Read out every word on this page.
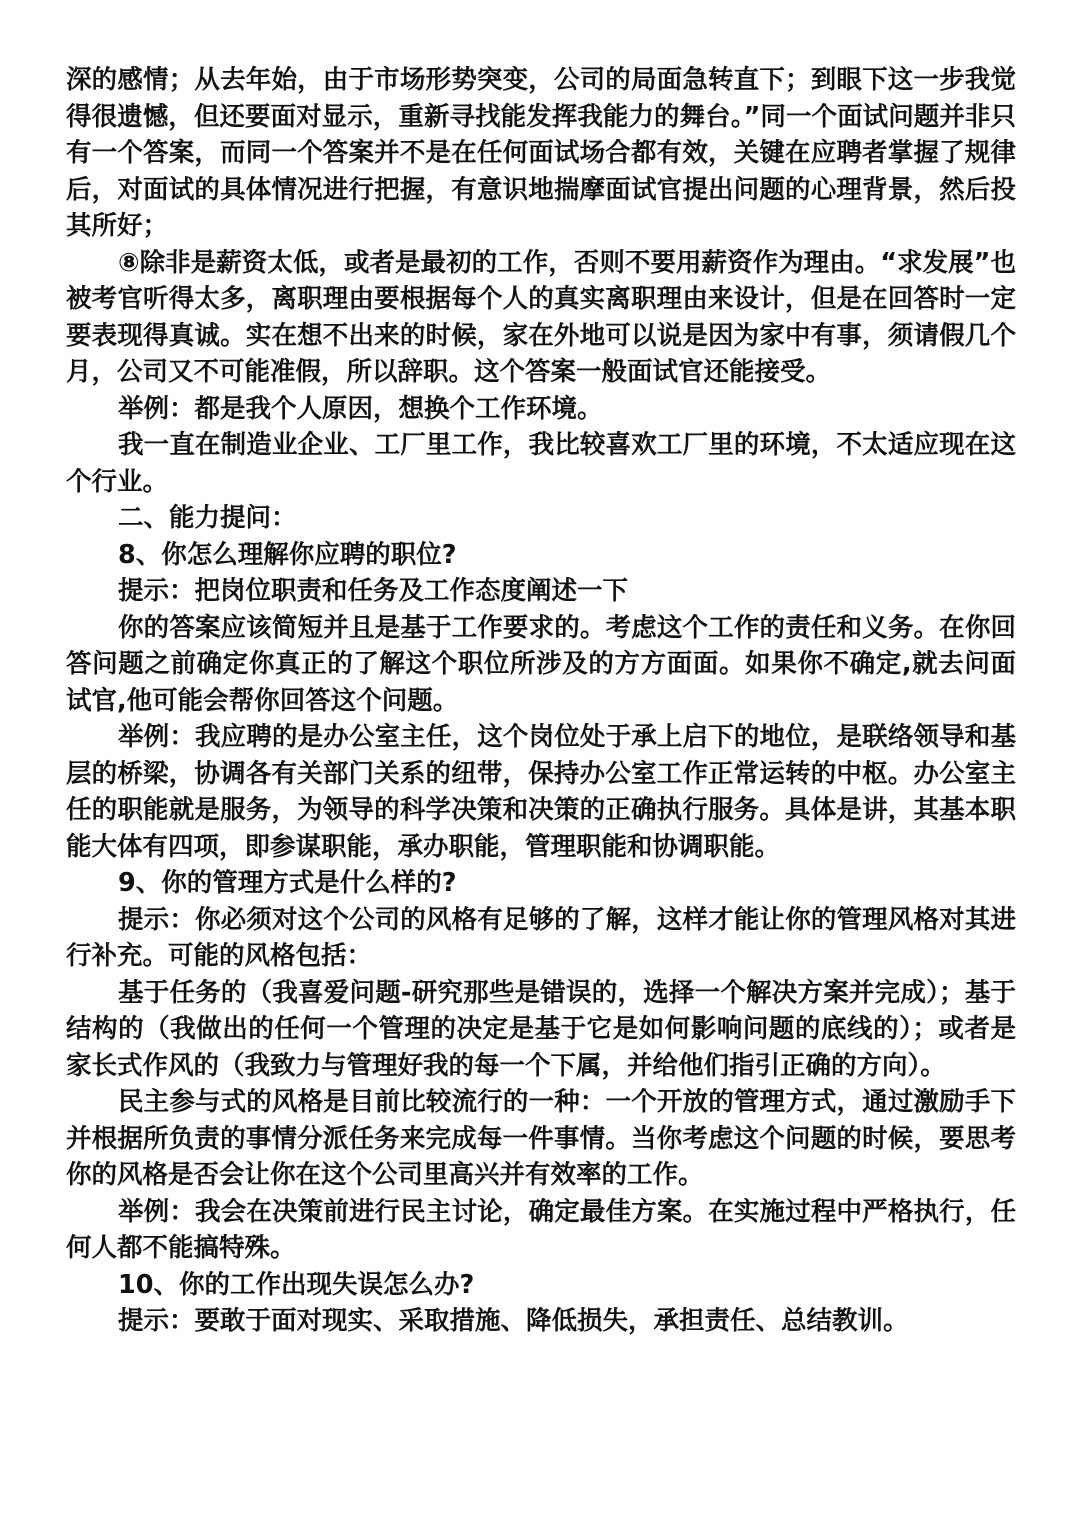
深的感情；从去年始，由于市场形势突变，公司的局面急转直下；到眼下这一步我觉得很遗憾，但还要面对显示，重新寻找能发挥我能力的舞台。”同一个面试问题并非只有一个答案，而同一个答案并不是在任何面试场合都有效，关键在应聘者掌握了规律后，对面试的具体情况进行把握，有意识地揣摩面试官提出问题的心理背景，然后投其所好；

⑧除非是薪资太低，或者是最初的工作，否则不要用薪资作为理由。“求发展”也被考官听得太多，离职理由要根据每个人的真实离职理由来设计，但是在回答时一定要表现得真诚。实在想不出来的时候，家在外地可以说是因为家中有事，须请假几个月，公司又不可能准假，所以辞职。这个答案一般面试官还能接受。

举例：都是我个人原因，想换个工作环境。

我一直在制造业企业、工厂里工作，我比较喜欢工厂里的环境，不太适应现在这个行业。

二、能力提问：

8、你怎么理解你应聘的职位?

提示：把岗位职责和任务及工作态度阐述一下

你的答案应该简短并且是基于工作要求的。考虑这个工作的责任和义务。在你回答问题之前确定你真正的了解这个职位所涉及的方方面面。如果你不确定,就去问面试官,他可能会帮你回答这个问题。

举例：我应聘的是办公室主任，这个岗位处于承上启下的地位，是联络领导和基层的桥梁，协调各有关部门关系的纽带，保持办公室工作正常运转的中枢。办公室主任的职能就是服务，为领导的科学决策和决策的正确执行服务。具体是讲，其基本职能大体有四项，即参谋职能，承办职能，管理职能和协调职能。

9、你的管理方式是什么样的?

提示：你必须对这个公司的风格有足够的了解，这样才能让你的管理风格对其进行补充。可能的风格包括：

基于任务的（我喜爱问题-研究那些是错误的，选择一个解决方案并完成）；基于结构的（我做出的任何一个管理的决定是基于它是如何影响问题的底线的）；或者是家长式作风的（我致力与管理好我的每一个下属，并给他们指引正确的方向）。

民主参与式的风格是目前比较流行的一种：一个开放的管理方式，通过激励手下并根据所负责的事情分派任务来完成每一件事情。当你考虑这个问题的时候，要思考你的风格是否会让你在这个公司里高兴并有效率的工作。

举例：我会在决策前进行民主讨论，确定最佳方案。在实施过程中严格执行，任何人都不能搞特殊。

10、你的工作出现失误怎么办?

提示：要敢于面对现实、采取措施、降低损失，承担责任、总结教训。
